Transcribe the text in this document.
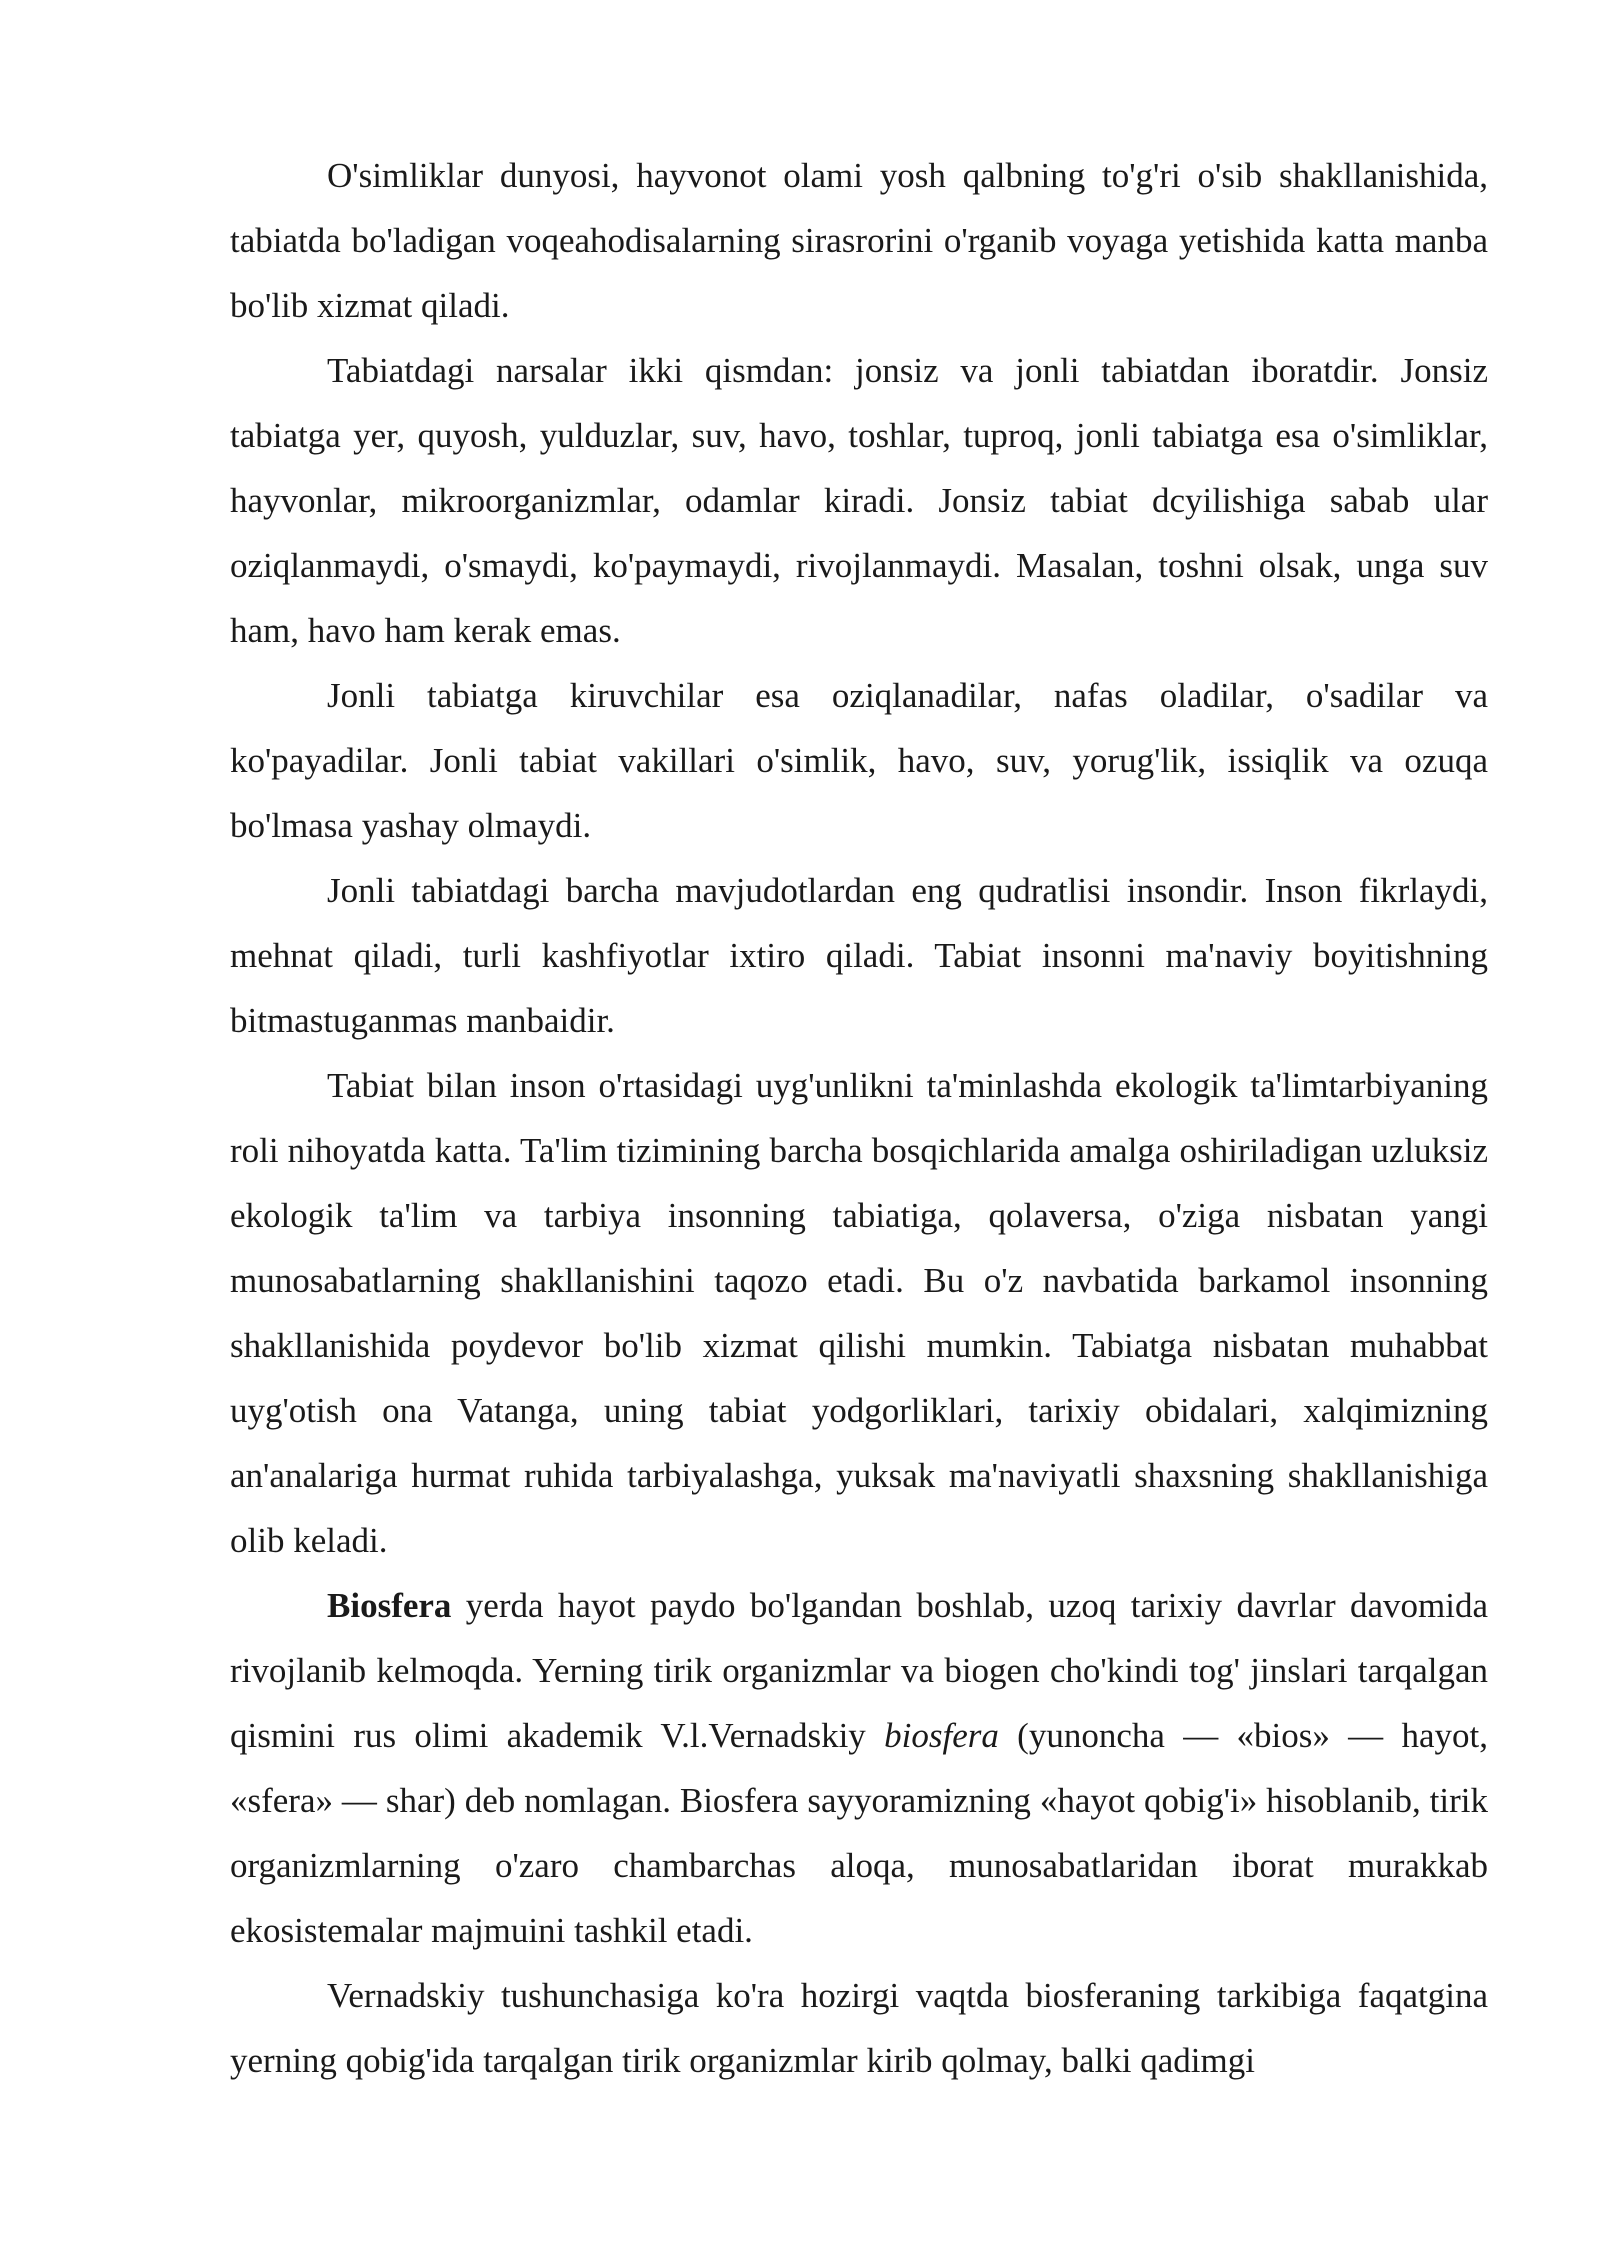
O'simliklar dunyosi, hayvonot olami yosh qalbning to'g'ri o'sib shakllanishida, tabiatda bo'ladigan voqeahodisalarning sirasrorini o'rganib voyaga yetishida katta manba bo'lib xizmat qiladi.

Tabiatdagi narsalar ikki qismdan: jonsiz va jonli tabiatdan iboratdir. Jonsiz tabiatga yer, quyosh, yulduzlar, suv, havo, toshlar, tuproq, jonli tabiatga esa o'simliklar, hayvonlar, mikroorganizmlar, odamlar kiradi. Jonsiz tabiat dcyilishiga sabab ular oziqlanmaydi, o'smaydi, ko'paymaydi, rivojlanmaydi. Masalan, toshni olsak, unga suv ham, havo ham kerak emas.

Jonli tabiatga kiruvchilar esa oziqlanadilar, nafas oladilar, o'sadilar va ko'payadilar. Jonli tabiat vakillari o'simlik, havo, suv, yorug'lik, issiqlik va ozuqa bo'lmasa yashay olmaydi.

Jonli tabiatdagi barcha mavjudotlardan eng qudratlisi insondir. Inson fikrlaydi, mehnat qiladi, turli kashfiyotlar ixtiro qiladi. Tabiat insonni ma'naviy boyitishning bitmastuganmas manbaidir.

Tabiat bilan inson o'rtasidagi uyg'unlikni ta'minlashda ekologik ta'limtarbiyaning roli nihoyatda katta. Ta'lim tizimining barcha bosqichlarida amalga oshiriladigan uzluksiz ekologik ta'lim va tarbiya insonning tabiatiga, qolaversa, o'ziga nisbatan yangi munosabatlarning shakllanishini taqozo etadi. Bu o'z navbatida barkamol insonning shakllanishida poydevor bo'lib xizmat qilishi mumkin. Tabiatga nisbatan muhabbat uyg'otish ona Vatanga, uning tabiat yodgorliklari, tarixiy obidalari, xalqimizning an'analariga hurmat ruhida tarbiyalashga, yuksak ma'naviyatli shaxsning shakllanishiga olib keladi.

Biosfera yerda hayot paydo bo'lgandan boshlab, uzoq tarixiy davrlar davomida rivojlanib kelmoqda. Yerning tirik organizmlar va biogen cho'kindi tog' jinslari tarqalgan qismini rus olimi akademik V.l.Vernadskiy biosfera (yunoncha — «bios» — hayot, «sfera» — shar) deb nomlagan. Biosfera sayyoramizning «hayot qobig'i» hisoblanib, tirik organizmlarning o'zaro chambarchas aloqa, munosabatlaridan iborat murakkab ekosistemalar majmuini tashkil etadi.

Vernadskiy tushunchasiga ko'ra hozirgi vaqtda biosferaning tarkibiga faqatgina yerning qobig'ida tarqalgan tirik organizmlar kirib qolmay, balki qadimgi
